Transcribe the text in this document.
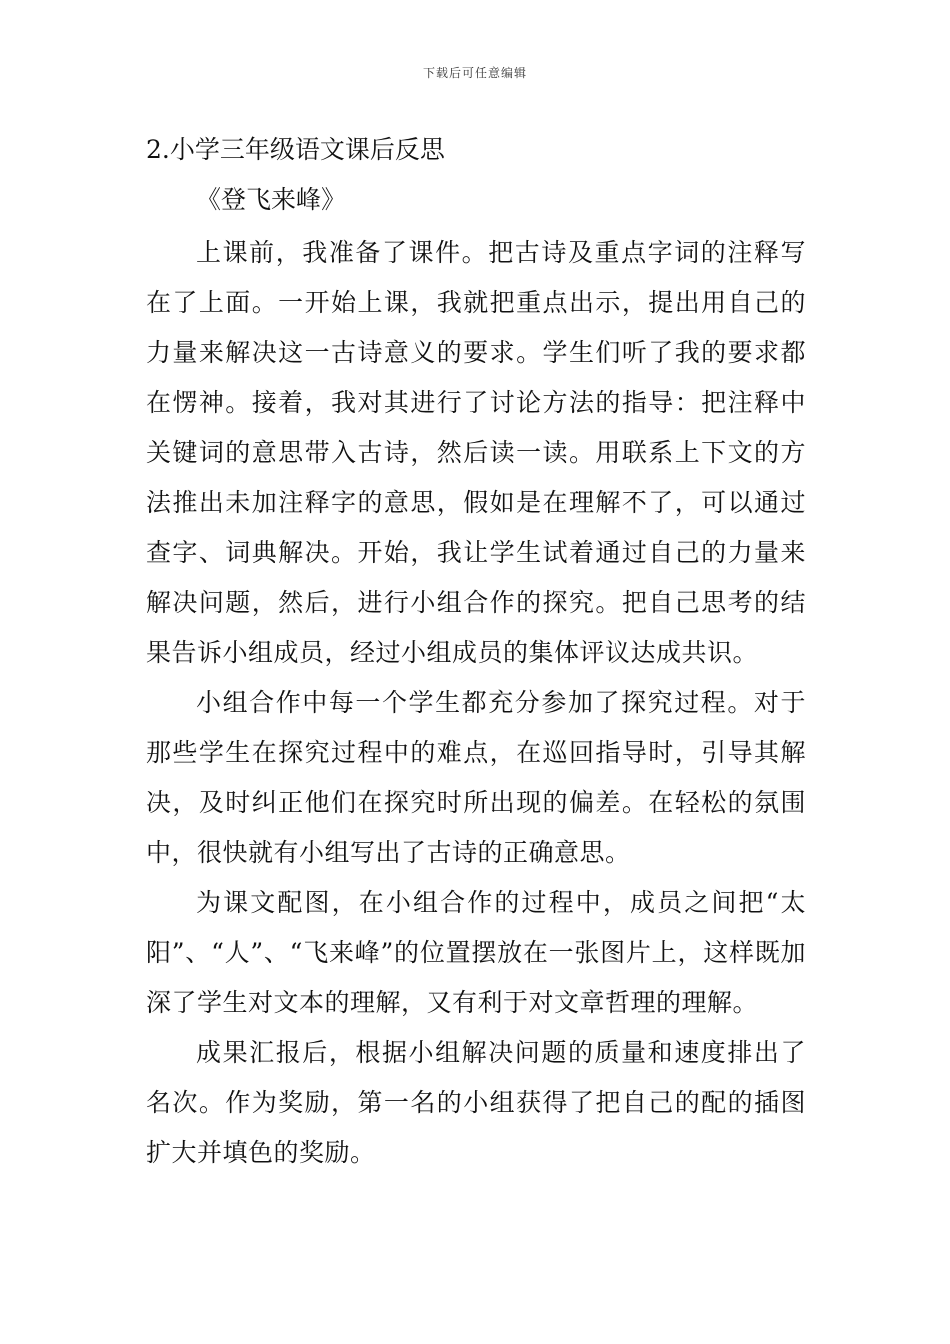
下载后可任意编辑
2.小学三年级语文课后反思
《登飞来峰》

上课前，我准备了课件。把古诗及重点字词的注释写在了上面。一开始上课，我就把重点出示，提出用自己的力量来解决这一古诗意义的要求。学生们听了我的要求都在愣神。接着，我对其进行了讨论方法的指导：把注释中关键词的意思带入古诗，然后读一读。用联系上下文的方法推出未加注释字的意思，假如是在理解不了，可以通过查字、词典解决。开始，我让学生试着通过自己的力量来解决问题，然后，进行小组合作的探究。把自己思考的结果告诉小组成员，经过小组成员的集体评议达成共识。

小组合作中每一个学生都充分参加了探究过程。对于那些学生在探究过程中的难点，在巡回指导时，引导其解决，及时纠正他们在探究时所出现的偏差。在轻松的氛围中，很快就有小组写出了古诗的正确意思。

为课文配图，在小组合作的过程中，成员之间把“太阳”、“人”、“飞来峰”的位置摆放在一张图片上，这样既加深了学生对文本的理解，又有利于对文章哲理的理解。

成果汇报后，根据小组解决问题的质量和速度排出了名次。作为奖励，第一名的小组获得了把自己的配的插图扩大并填色的奖励。
